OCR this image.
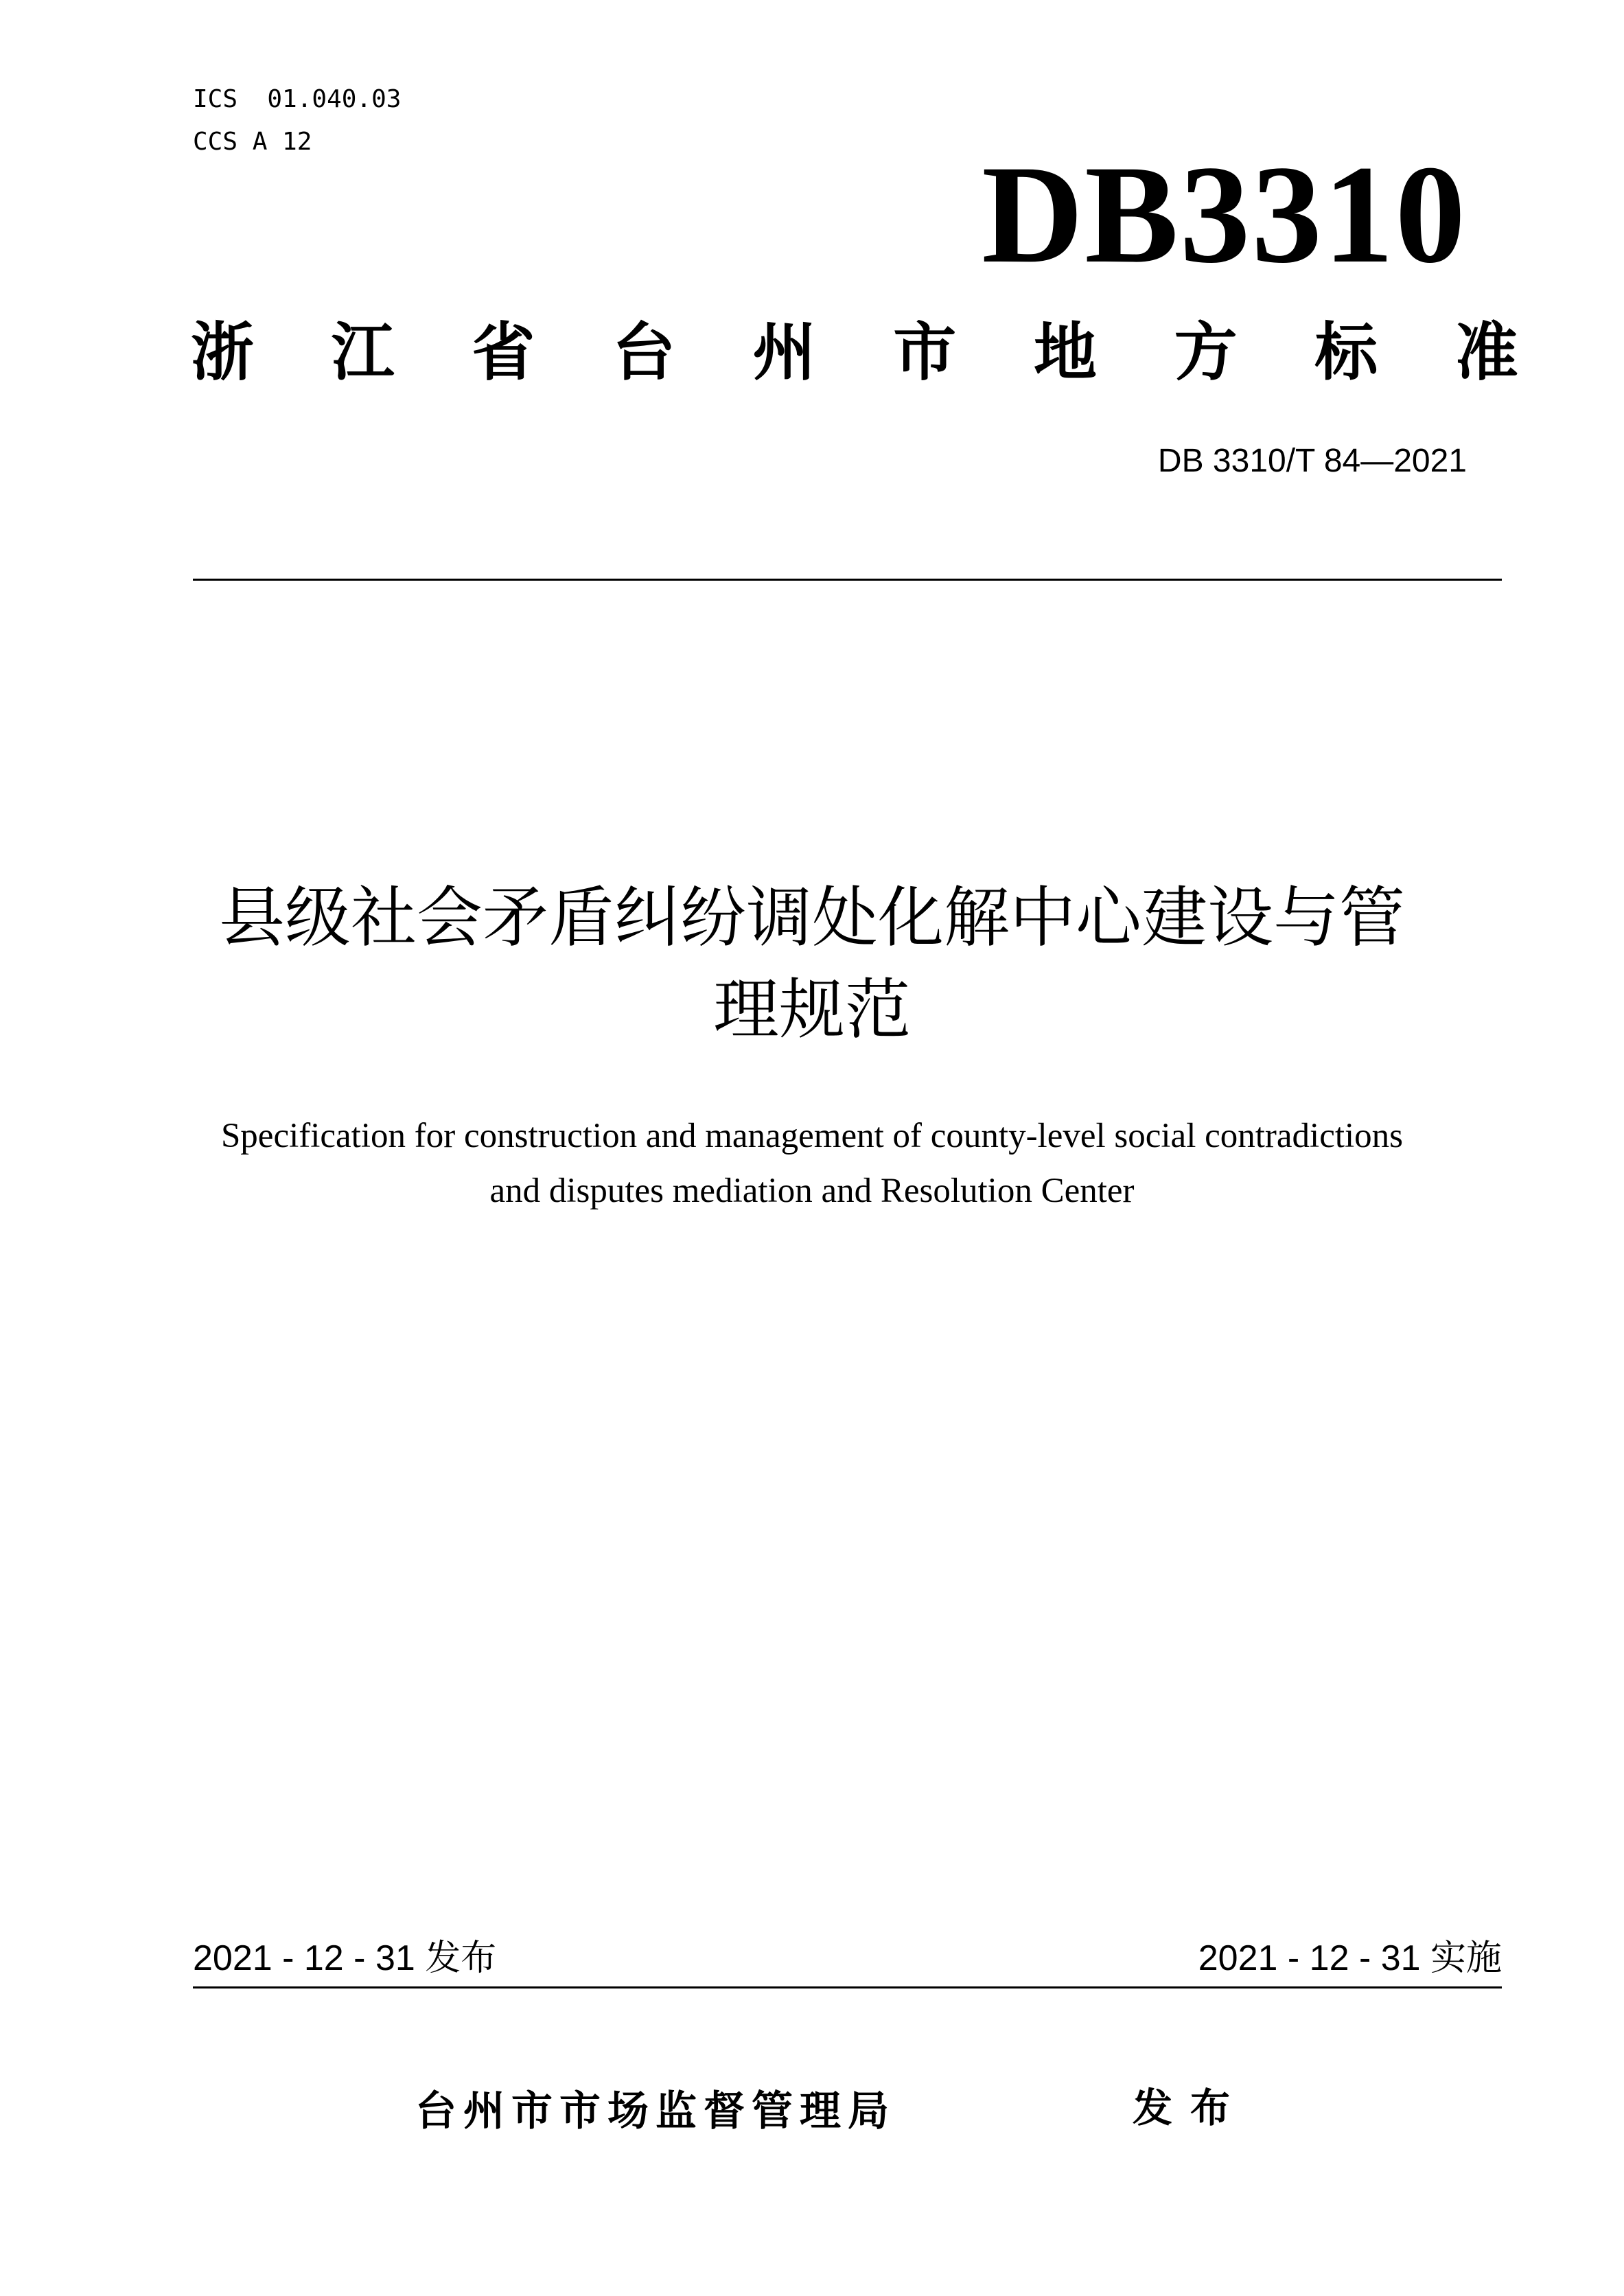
ICS  01.040.03
CCS A 12	DB3310
浙 江 省 台 州 市 地 方 标 准
DB 3310/T 84—2021
县级社会矛盾纠纷调处化解中心建设与管
理规范
Specification for construction and management of county-level social contradictions
and disputes mediation and Resolution Center
2021 - 12 - 31 发布	2021 - 12 - 31 实施
台州市市场监督管理局	发布
